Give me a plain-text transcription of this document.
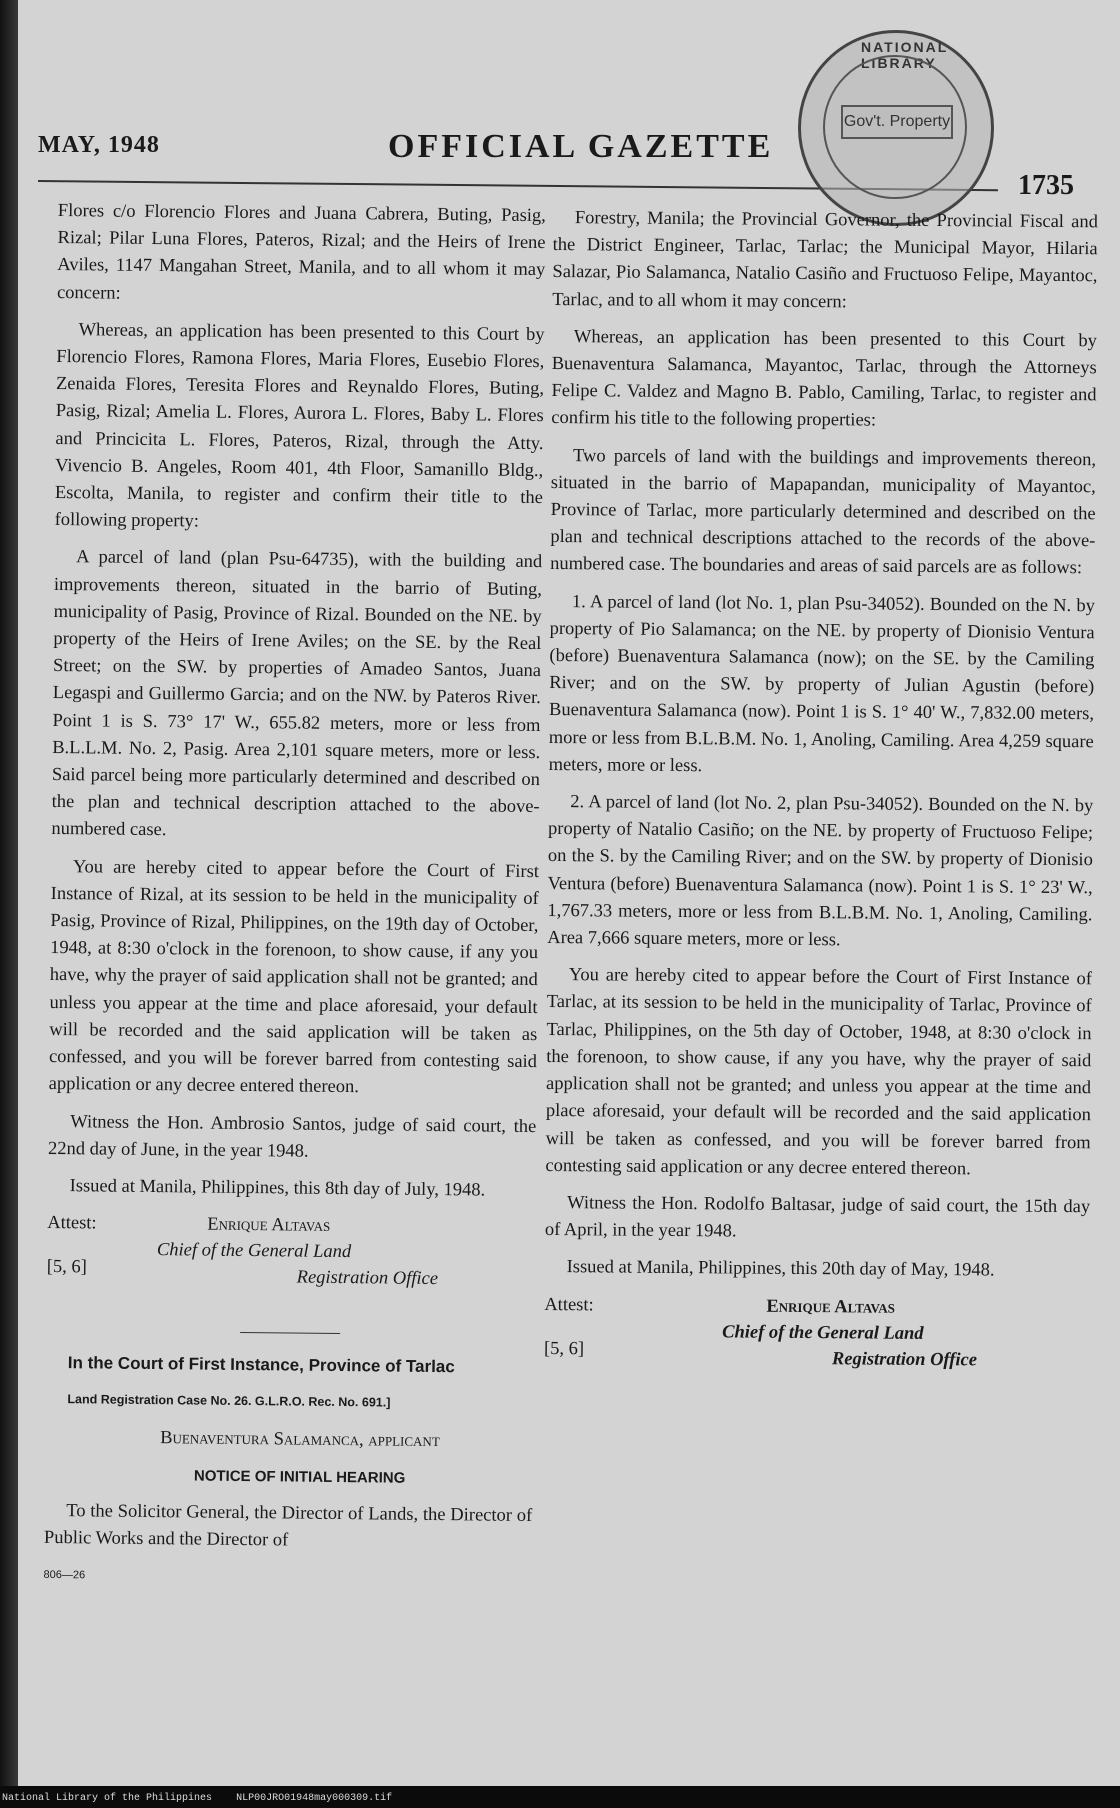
MAY, 1948	OFFICIAL GAZETTE
1735
NATIONAL LIBRARY
Gov't. Property

Flores c/o Florencio Flores and Juana Cabrera, Buting, Pasig, Rizal; Pilar Luna Flores, Pateros, Rizal; and the Heirs of Irene Aviles, 1147 Mangahan Street, Manila, and to all whom it may concern:

Whereas, an application has been presented to this Court by Florencio Flores, Ramona Flores, Maria Flores, Eusebio Flores, Zenaida Flores, Teresita Flores and Reynaldo Flores, Buting, Pasig, Rizal; Amelia L. Flores, Aurora L. Flores, Baby L. Flores and Princicita L. Flores, Pateros, Rizal, through the Atty. Vivencio B. Angeles, Room 401, 4th Floor, Samanillo Bldg., Escolta, Manila, to register and confirm their title to the following property:

A parcel of land (plan Psu-64735), with the building and improvements thereon, situated in the barrio of Buting, municipality of Pasig, Province of Rizal. Bounded on the NE. by property of the Heirs of Irene Aviles; on the SE. by the Real Street; on the SW. by properties of Amadeo Santos, Juana Legaspi and Guillermo Garcia; and on the NW. by Pateros River. Point 1 is S. 73° 17' W., 655.82 meters, more or less from B.L.L.M. No. 2, Pasig. Area 2,101 square meters, more or less. Said parcel being more particularly determined and described on the plan and technical description attached to the above-numbered case.

You are hereby cited to appear before the Court of First Instance of Rizal, at its session to be held in the municipality of Pasig, Province of Rizal, Philippines, on the 19th day of October, 1948, at 8:30 o'clock in the forenoon, to show cause, if any you have, why the prayer of said application shall not be granted; and unless you appear at the time and place aforesaid, your default will be recorded and the said application will be taken as confessed, and you will be forever barred from contesting said application or any decree entered thereon.

Witness the Hon. Ambrosio Santos, judge of said court, the 22nd day of June, in the year 1948.

Issued at Manila, Philippines, this 8th day of July, 1948.

Attest:	Enrique Altavas
Chief of the General Land
[5, 6]
Registration Office

In the Court of First Instance, Province of Tarlac

Land Registration Case No. 26. G.L.R.O. Rec. No. 691.]

Buenaventura Salamanca, applicant

NOTICE OF INITIAL HEARING

To the Solicitor General, the Director of Lands, the Director of Public Works and the Director of

806—26

Forestry, Manila; the Provincial Governor, the Provincial Fiscal and the District Engineer, Tarlac, Tarlac; the Municipal Mayor, Hilaria Salazar, Pio Salamanca, Natalio Casiño and Fructuoso Felipe, Mayantoc, Tarlac, and to all whom it may concern:

Whereas, an application has been presented to this Court by Buenaventura Salamanca, Mayantoc, Tarlac, through the Attorneys Felipe C. Valdez and Magno B. Pablo, Camiling, Tarlac, to register and confirm his title to the following properties:

Two parcels of land with the buildings and improvements thereon, situated in the barrio of Mapapandan, municipality of Mayantoc, Province of Tarlac, more particularly determined and described on the plan and technical descriptions attached to the records of the above-numbered case. The boundaries and areas of said parcels are as follows:

1. A parcel of land (lot No. 1, plan Psu-34052). Bounded on the N. by property of Pio Salamanca; on the NE. by property of Dionisio Ventura (before) Buenaventura Salamanca (now); on the SE. by the Camiling River; and on the SW. by property of Julian Agustin (before) Buenaventura Salamanca (now). Point 1 is S. 1° 40' W., 7,832.00 meters, more or less from B.L.B.M. No. 1, Anoling, Camiling. Area 4,259 square meters, more or less.

2. A parcel of land (lot No. 2, plan Psu-34052). Bounded on the N. by property of Natalio Casiño; on the NE. by property of Fructuoso Felipe; on the S. by the Camiling River; and on the SW. by property of Dionisio Ventura (before) Buenaventura Salamanca (now). Point 1 is S. 1° 23' W., 1,767.33 meters, more or less from B.L.B.M. No. 1, Anoling, Camiling. Area 7,666 square meters, more or less.

You are hereby cited to appear before the Court of First Instance of Tarlac, at its session to be held in the municipality of Tarlac, Province of Tarlac, Philippines, on the 5th day of October, 1948, at 8:30 o'clock in the forenoon, to show cause, if any you have, why the prayer of said application shall not be granted; and unless you appear at the time and place aforesaid, your default will be recorded and the said application will be taken as confessed, and you will be forever barred from contesting said application or any decree entered thereon.

Witness the Hon. Rodolfo Baltasar, judge of said court, the 15th day of April, in the year 1948.

Issued at Manila, Philippines, this 20th day of May, 1948.

Attest:	Enrique Altavas
Chief of the General Land
[5, 6]
Registration Office
National Library of the Philippines NLP00JRO01948may000309.tif
